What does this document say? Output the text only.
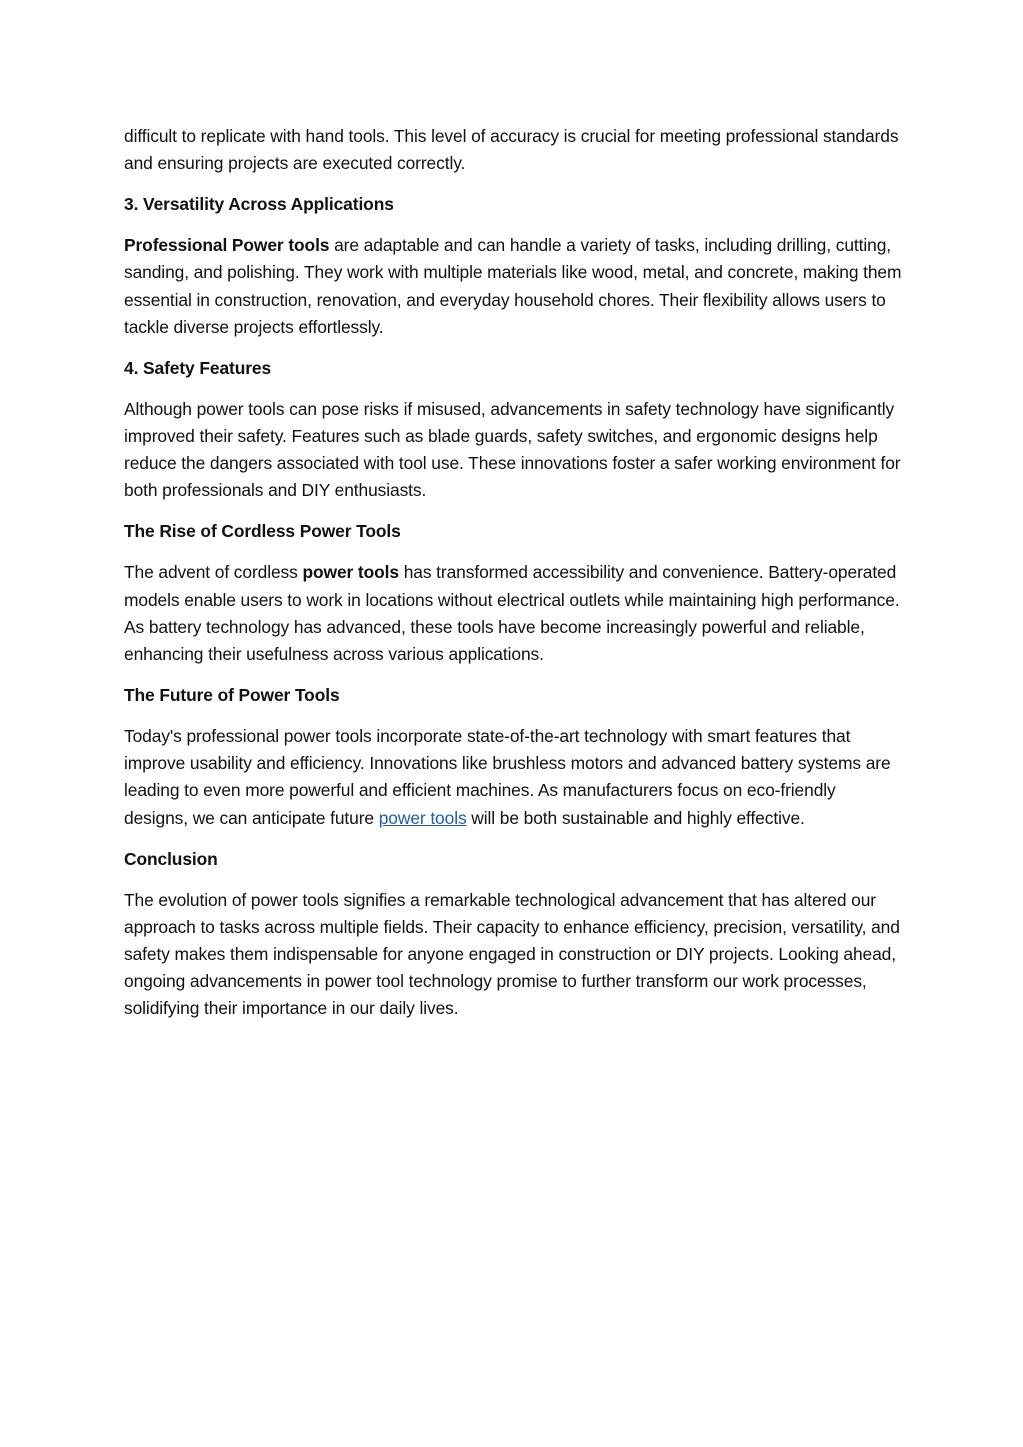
difficult to replicate with hand tools. This level of accuracy is crucial for meeting professional standards and ensuring projects are executed correctly.

3. Versatility Across Applications

Professional Power tools are adaptable and can handle a variety of tasks, including drilling, cutting, sanding, and polishing. They work with multiple materials like wood, metal, and concrete, making them essential in construction, renovation, and everyday household chores. Their flexibility allows users to tackle diverse projects effortlessly.

4. Safety Features

Although power tools can pose risks if misused, advancements in safety technology have significantly improved their safety. Features such as blade guards, safety switches, and ergonomic designs help reduce the dangers associated with tool use. These innovations foster a safer working environment for both professionals and DIY enthusiasts.

The Rise of Cordless Power Tools

The advent of cordless power tools has transformed accessibility and convenience. Battery-operated models enable users to work in locations without electrical outlets while maintaining high performance. As battery technology has advanced, these tools have become increasingly powerful and reliable, enhancing their usefulness across various applications.

The Future of Power Tools

Today's professional power tools incorporate state-of-the-art technology with smart features that improve usability and efficiency. Innovations like brushless motors and advanced battery systems are leading to even more powerful and efficient machines. As manufacturers focus on eco-friendly designs, we can anticipate future power tools will be both sustainable and highly effective.

Conclusion

The evolution of power tools signifies a remarkable technological advancement that has altered our approach to tasks across multiple fields. Their capacity to enhance efficiency, precision, versatility, and safety makes them indispensable for anyone engaged in construction or DIY projects. Looking ahead, ongoing advancements in power tool technology promise to further transform our work processes, solidifying their importance in our daily lives.
